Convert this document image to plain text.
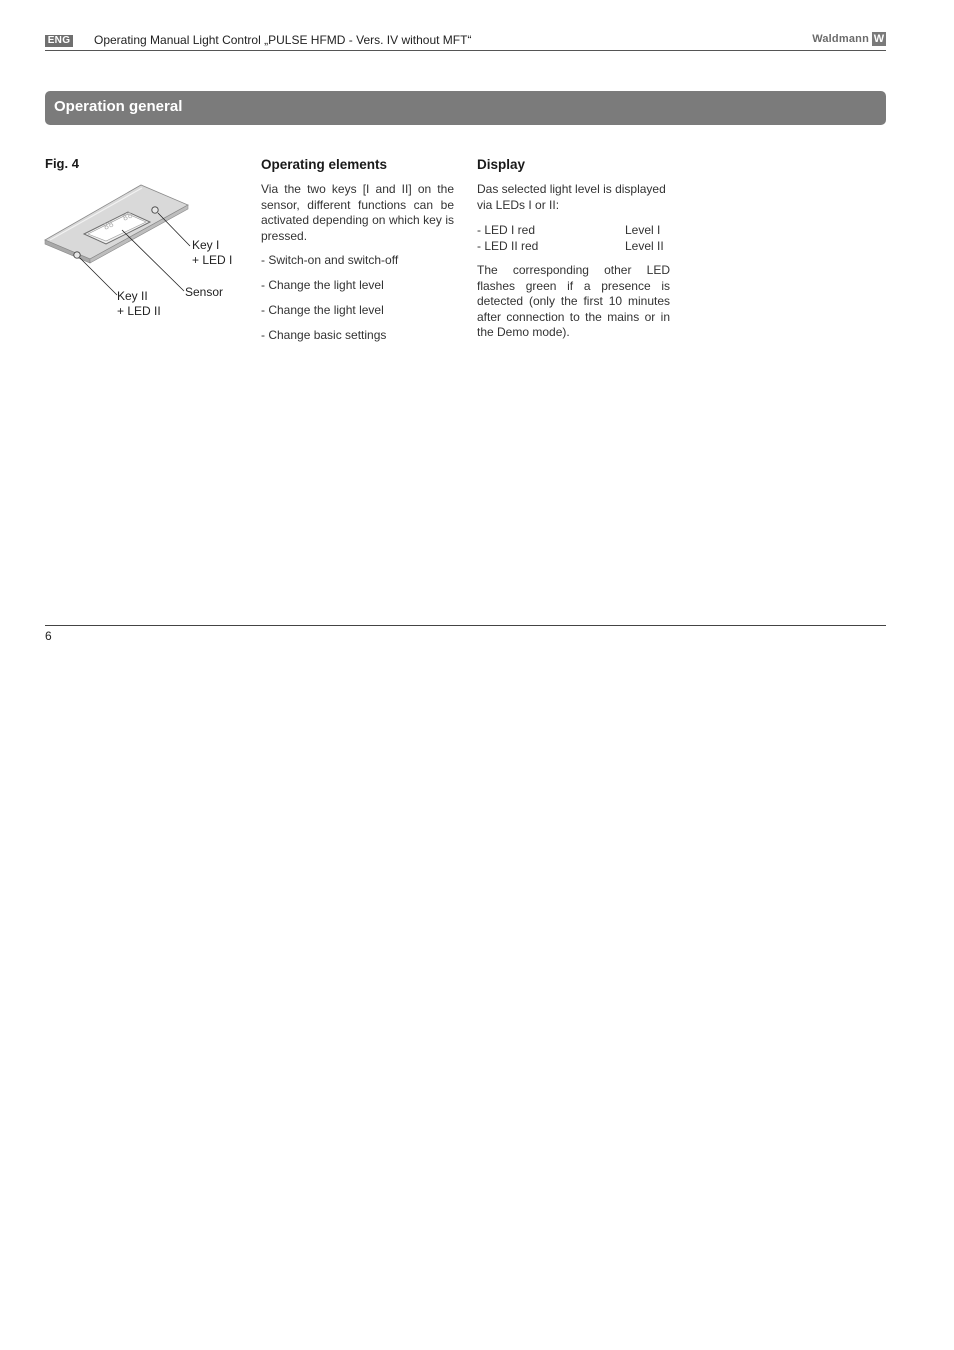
ENG Operating Manual Light Control „PULSE HFMD - Vers. IV without MFT“	Waldmann W
Operation general
Fig. 4
88
88
Key I
+ LED I
Sensor
Key II
+ LED II
Operating elements

Via the two keys [I and II] on the sensor, different functions can be activated depending on which key is pressed.

- Switch-on and switch-off
- Change the light level
- Change the light level
- Change basic settings
Display

Das selected light level is displayed via LEDs I or II:

- LED I red	Level I
- LED II red	Level II

The corresponding other LED flashes green if a presence is detected (only the first 10 minutes after connection to the mains or in the Demo mode).

6
